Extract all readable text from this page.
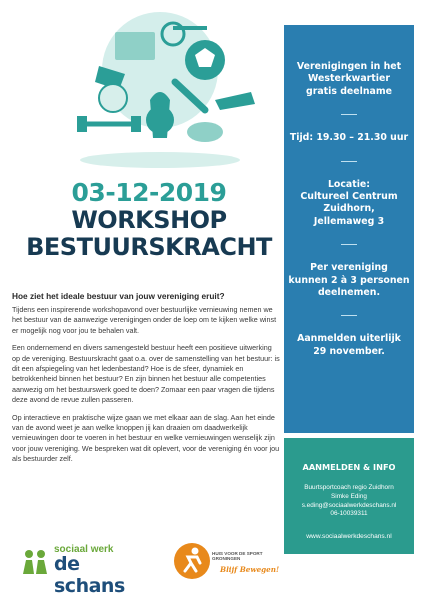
03-12-2019
WORKSHOP
BESTUURSKRACHT
Hoe ziet het ideale bestuur van jouw vereniging eruit?

Tijdens een inspirerende workshopavond over bestuurlijke vernieuwing nemen we het bestuur van de aanwezige verenigingen onder de loep om te kijken welke winst er mogelijk nog voor jou te behalen valt.

Een ondernemend en divers samengesteld bestuur heeft een positieve uitwerking op de vereniging. Bestuurskracht gaat o.a. over de samenstelling van het bestuur: is dit een afspiegeling van het ledenbestand? Hoe is de sfeer, dynamiek en betrokkenheid binnen het bestuur? En zijn binnen het bestuur alle competenties aanwezig om het bestuurswerk goed te doen? Zomaar een paar vragen die tijdens deze avond de revue zullen passeren.

Op interactieve en praktische wijze gaan we met elkaar aan de slag. Aan het einde van de avond weet je aan welke knoppen jij kan draaien om daadwerkelijk vernieuwingen door te voeren in het bestuur en welke vernieuwingen wenselijk zijn voor jouw vereniging. We bespreken wat dit oplevert, voor de vereniging én voor jou als bestuurder zelf.

Verenigingen in het
Westerkwartier
gratis deelname
Tijd: 19.30 – 21.30 uur
Locatie:
Cultureel Centrum
Zuidhorn,
Jellemaweg 3
Per vereniging
kunnen 2 à 3 personen
deelnemen.
Aanmelden uiterlijk
29 november.
AANMELDEN & INFO
Buurtsportcoach regio Zuidhorn
Simke Eding
s.eding@sociaalwerkdeschans.nl
06-10039311
www.sociaalwerkdeschans.nl
sociaal werk
de schans
HUIS VOOR DE SPORT
GRONINGEN
Blijf Bewegen!
